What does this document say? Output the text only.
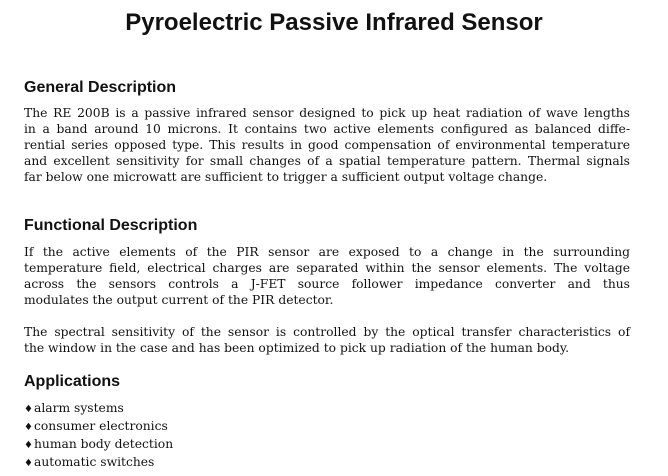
Pyroelectric Passive Infrared Sensor
General Description

The RE 200B is a passive infrared sensor designed to pick up heat radiation of wave lengths
in a band around 10 microns. It contains two active elements configured as balanced diffe-
rential series opposed type. This results in good compensation of environmental temperature
and excellent sensitivity for small changes of a spatial temperature pattern. Thermal signals
far below one microwatt are sufficient to trigger a sufficient output voltage change.

Functional Description

If the active elements of the PIR sensor are exposed to a change in the surrounding
temperature field, electrical charges are separated within the sensor elements. The voltage
across the sensors controls a J-FET source follower impedance converter and thus
modulates the output current of the PIR detector.

The spectral sensitivity of the sensor is controlled by the optical transfer characteristics of
the window in the case and has been optimized to pick up radiation of the human body.

Applications
♦alarm systems
♦consumer electronics
♦human body detection
♦automatic switches
